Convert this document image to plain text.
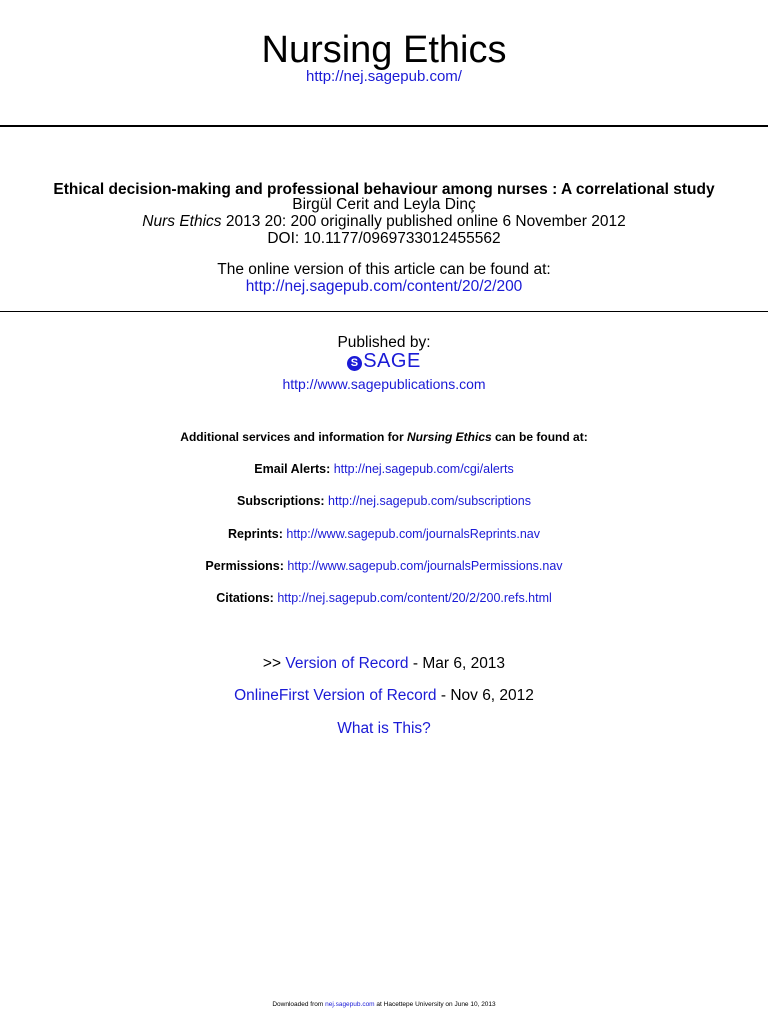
Nursing Ethics
http://nej.sagepub.com/
Ethical decision-making and professional behaviour among nurses : A correlational study
Birgül Cerit and Leyla Dinç
Nurs Ethics 2013 20: 200 originally published online 6 November 2012
DOI: 10.1177/0969733012455562
The online version of this article can be found at:
http://nej.sagepub.com/content/20/2/200
Published by:
S SAGE
http://www.sagepublications.com
Additional services and information for Nursing Ethics can be found at:
Email Alerts: http://nej.sagepub.com/cgi/alerts
Subscriptions: http://nej.sagepub.com/subscriptions
Reprints: http://www.sagepub.com/journalsReprints.nav
Permissions: http://www.sagepub.com/journalsPermissions.nav
Citations: http://nej.sagepub.com/content/20/2/200.refs.html
>> Version of Record - Mar 6, 2013
OnlineFirst Version of Record - Nov 6, 2012
What is This?
Downloaded from nej.sagepub.com at Hacettepe University on June 10, 2013
